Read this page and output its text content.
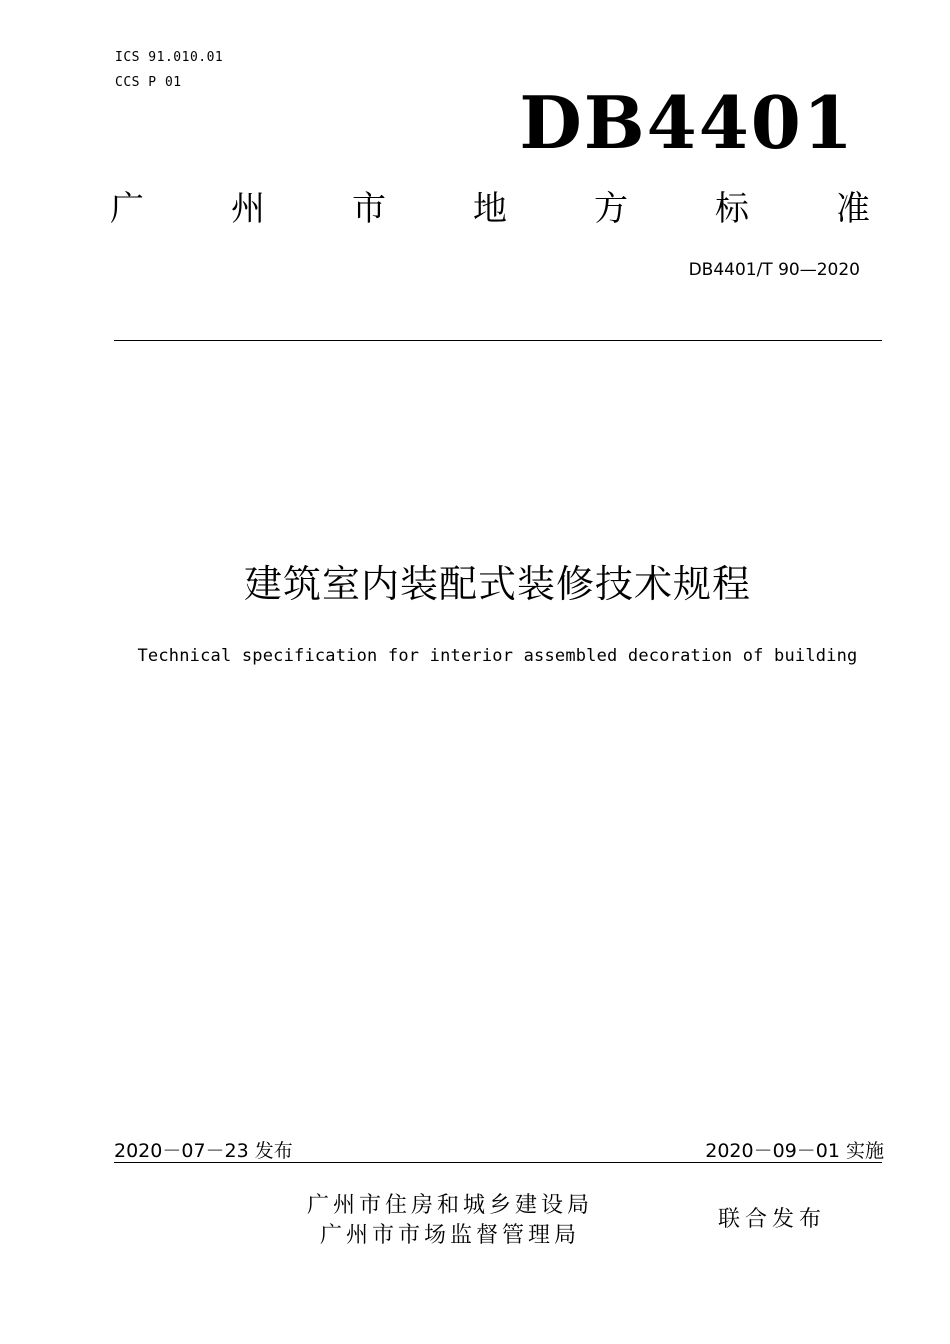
ICS 91.010.01
CCS P 01	DB4401
广	州	市	地	方	标	准
DB4401/T 90—2020
建筑室内装配式装修技术规程
Technical specification for interior assembled decoration of building
2020－07－23 发布	2020－09－01 实施
广州市住房和城乡建设局
广州市市场监督管理局
联合发布
